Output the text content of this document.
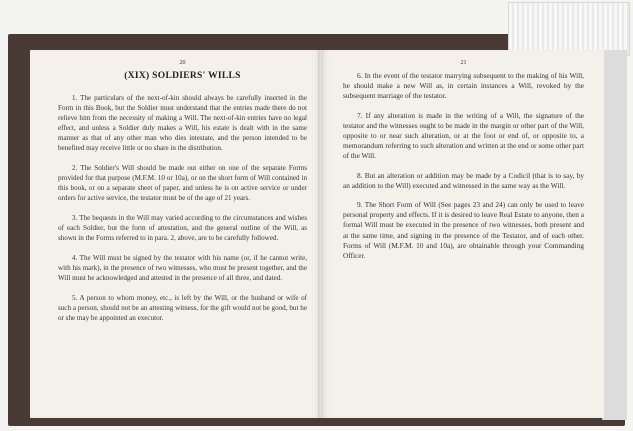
20
(XIX) SOLDIERS' WILLS

1. The particulars of the next-of-kin should always be carefully inserted in the Form in this Book, but the Soldier must understand that the entries made there do not relieve him from the necessity of making a Will. The next-of-kin entries have no legal effect, and unless a Soldier duly makes a Will, his estate is dealt with in the same manner as that of any other man who dies intestate, and the person intended to be benefited may receive little or no share in the distribution.

2. The Soldier's Will should be made out either on one of the separate Forms provided for that purpose (M.F.M. 10 or 10a), or on the short form of Will contained in this book, or on a separate sheet of paper, and unless he is on active service or under orders for active service, the testator must be of the age of 21 years.

3. The bequests in the Will may varied according to the circumstances and wishes of each Soldier, but the form of attestation, and the general outline of the Will, as shown in the Forms referred to in para. 2, above, are to be carefully followed.

4. The Will must be signed by the testator with his name (or, if he cannot write, with his mark), in the presence of two witnesses, who must be present together, and the Will must be acknowledged and attested in the presence of all three, and dated.

5. A person to whom money, etc., is left by the Will, or the husband or wife of such a person, should not be an attesting witness, for the gift would not be good, but he or she may be appointed an executor.

21

6. In the event of the testator marrying subsequent to the making of his Will, he should make a new Will as, in certain instances a Will, revoked by the subsequent marriage of the testator.

7. If any alteration is made in the writing of a Will, the signature of the testator and the witnesses ought to be made in the margin or other part of the Will, opposite to or near such alteration, or at the foot or end of, or opposite to, a memorandum referring to such alteration and written at the end or some other part of the Will.

8. But an alteration or addition may be made by a Codicil (that is to say, by an addition to the Will) executed and witnessed in the same way as the Will.

9. The Short Form of Will (See pages 23 and 24) can only be used to leave personal property and effects. If it is desired to leave Real Estate to anyone, then a formal Will must be executed in the presence of two witnesses, both present and at the same time, and signing in the presence of the Testator, and of each other. Forms of Will (M.F.M. 10 and 10a), are obtainable through your Commanding Officer.
